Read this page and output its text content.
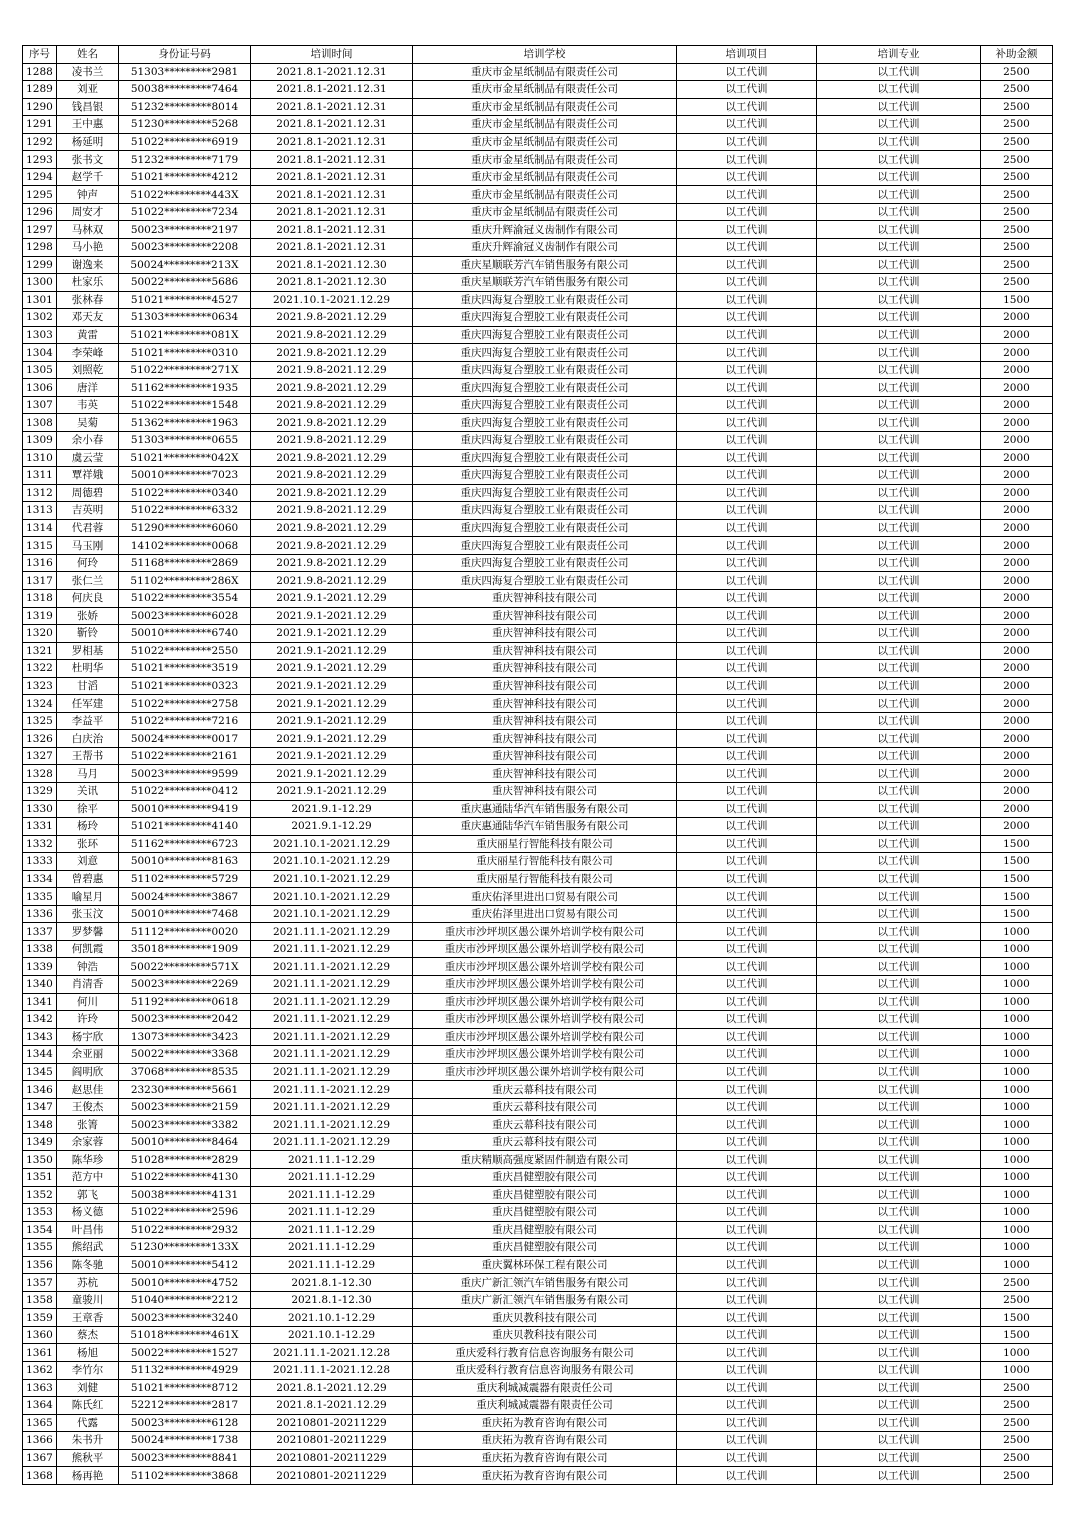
序号	姓名	身份证号码	培训时间	培训学校	培训项目	培训专业	补助金额
1288	凌书兰	51303*********2981	2021.8.1-2021.12.31	重庆市金星纸制品有限责任公司	以工代训	以工代训	2500
1289	刘亚	50038*********7464	2021.8.1-2021.12.31	重庆市金星纸制品有限责任公司	以工代训	以工代训	2500
1290	钱昌银	51232*********8014	2021.8.1-2021.12.31	重庆市金星纸制品有限责任公司	以工代训	以工代训	2500
1291	王中惠	51230*********5268	2021.8.1-2021.12.31	重庆市金星纸制品有限责任公司	以工代训	以工代训	2500
1292	杨延明	51022*********6919	2021.8.1-2021.12.31	重庆市金星纸制品有限责任公司	以工代训	以工代训	2500
1293	张书文	51232*********7179	2021.8.1-2021.12.31	重庆市金星纸制品有限责任公司	以工代训	以工代训	2500
1294	赵学千	51021*********4212	2021.8.1-2021.12.31	重庆市金星纸制品有限责任公司	以工代训	以工代训	2500
1295	钟声	51022*********443X	2021.8.1-2021.12.31	重庆市金星纸制品有限责任公司	以工代训	以工代训	2500
1296	周安才	51022*********7234	2021.8.1-2021.12.31	重庆市金星纸制品有限责任公司	以工代训	以工代训	2500
1297	马林双	50023*********2197	2021.8.1-2021.12.31	重庆升辉渝冠义齿制作有限公司	以工代训	以工代训	2500
1298	马小艳	50023*********2208	2021.8.1-2021.12.31	重庆升辉渝冠义齿制作有限公司	以工代训	以工代训	2500
1299	谢逸来	50024*********213X	2021.8.1-2021.12.30	重庆星顺联芳汽车销售服务有限公司	以工代训	以工代训	2500
1300	杜家乐	50022*********5686	2021.8.1-2021.12.30	重庆星顺联芳汽车销售服务有限公司	以工代训	以工代训	2500
1301	张林春	51021*********4527	2021.10.1-2021.12.29	重庆四海复合塑胶工业有限责任公司	以工代训	以工代训	1500
1302	邓天友	51303*********0634	2021.9.8-2021.12.29	重庆四海复合塑胶工业有限责任公司	以工代训	以工代训	2000
1303	黄雷	51021*********081X	2021.9.8-2021.12.29	重庆四海复合塑胶工业有限责任公司	以工代训	以工代训	2000
1304	李荣峰	51021*********0310	2021.9.8-2021.12.29	重庆四海复合塑胶工业有限责任公司	以工代训	以工代训	2000
1305	刘照乾	51022*********271X	2021.9.8-2021.12.29	重庆四海复合塑胶工业有限责任公司	以工代训	以工代训	2000
1306	唐洋	51162*********1935	2021.9.8-2021.12.29	重庆四海复合塑胶工业有限责任公司	以工代训	以工代训	2000
1307	韦英	51022*********1548	2021.9.8-2021.12.29	重庆四海复合塑胶工业有限责任公司	以工代训	以工代训	2000
1308	吴菊	51362*********1963	2021.9.8-2021.12.29	重庆四海复合塑胶工业有限责任公司	以工代训	以工代训	2000
1309	余小春	51303*********0655	2021.9.8-2021.12.29	重庆四海复合塑胶工业有限责任公司	以工代训	以工代训	2000
1310	虞云莹	51021*********042X	2021.9.8-2021.12.29	重庆四海复合塑胶工业有限责任公司	以工代训	以工代训	2000
1311	覃祥娥	50010*********7023	2021.9.8-2021.12.29	重庆四海复合塑胶工业有限责任公司	以工代训	以工代训	2000
1312	周德碧	51022*********0340	2021.9.8-2021.12.29	重庆四海复合塑胶工业有限责任公司	以工代训	以工代训	2000
1313	吉英明	51022*********6332	2021.9.8-2021.12.29	重庆四海复合塑胶工业有限责任公司	以工代训	以工代训	2000
1314	代君蓉	51290*********6060	2021.9.8-2021.12.29	重庆四海复合塑胶工业有限责任公司	以工代训	以工代训	2000
1315	马玉刚	14102*********0068	2021.9.8-2021.12.29	重庆四海复合塑胶工业有限责任公司	以工代训	以工代训	2000
1316	何玲	51168*********2869	2021.9.8-2021.12.29	重庆四海复合塑胶工业有限责任公司	以工代训	以工代训	2000
1317	张仁兰	51102*********286X	2021.9.8-2021.12.29	重庆四海复合塑胶工业有限责任公司	以工代训	以工代训	2000
1318	何庆良	51022*********3554	2021.9.1-2021.12.29	重庆智神科技有限公司	以工代训	以工代训	2000
1319	张娇	50023*********6028	2021.9.1-2021.12.29	重庆智神科技有限公司	以工代训	以工代训	2000
1320	靳铃	50010*********6740	2021.9.1-2021.12.29	重庆智神科技有限公司	以工代训	以工代训	2000
1321	罗相基	51022*********2550	2021.9.1-2021.12.29	重庆智神科技有限公司	以工代训	以工代训	2000
1322	杜明华	51021*********3519	2021.9.1-2021.12.29	重庆智神科技有限公司	以工代训	以工代训	2000
1323	甘滔	51021*********0323	2021.9.1-2021.12.29	重庆智神科技有限公司	以工代训	以工代训	2000
1324	任军建	51022*********2758	2021.9.1-2021.12.29	重庆智神科技有限公司	以工代训	以工代训	2000
1325	李益平	51022*********7216	2021.9.1-2021.12.29	重庆智神科技有限公司	以工代训	以工代训	2000
1326	白庆治	50024*********0017	2021.9.1-2021.12.29	重庆智神科技有限公司	以工代训	以工代训	2000
1327	王帮书	51022*********2161	2021.9.1-2021.12.29	重庆智神科技有限公司	以工代训	以工代训	2000
1328	马月	50023*********9599	2021.9.1-2021.12.29	重庆智神科技有限公司	以工代训	以工代训	2000
1329	关讯	51022*********0412	2021.9.1-2021.12.29	重庆智神科技有限公司	以工代训	以工代训	2000
1330	徐平	50010*********9419	2021.9.1-12.29	重庆惠通陆华汽车销售服务有限公司	以工代训	以工代训	2000
1331	杨玲	51021*********4140	2021.9.1-12.29	重庆惠通陆华汽车销售服务有限公司	以工代训	以工代训	2000
1332	张环	51162*********6723	2021.10.1-2021.12.29	重庆丽星行智能科技有限公司	以工代训	以工代训	1500
1333	刘意	50010*********8163	2021.10.1-2021.12.29	重庆丽星行智能科技有限公司	以工代训	以工代训	1500
1334	曾碧惠	51102*********5729	2021.10.1-2021.12.29	重庆丽星行智能科技有限公司	以工代训	以工代训	1500
1335	喻星月	50024*********3867	2021.10.1-2021.12.29	重庆佑泽里进出口贸易有限公司	以工代训	以工代训	1500
1336	张玉汶	50010*********7468	2021.10.1-2021.12.29	重庆佑泽里进出口贸易有限公司	以工代训	以工代训	1500
1337	罗梦馨	51112*********0020	2021.11.1-2021.12.29	重庆市沙坪坝区愚公课外培训学校有限公司	以工代训	以工代训	1000
1338	何凯霞	35018*********1909	2021.11.1-2021.12.29	重庆市沙坪坝区愚公课外培训学校有限公司	以工代训	以工代训	1000
1339	钟浩	50022*********571X	2021.11.1-2021.12.29	重庆市沙坪坝区愚公课外培训学校有限公司	以工代训	以工代训	1000
1340	肖清香	50023*********2269	2021.11.1-2021.12.29	重庆市沙坪坝区愚公课外培训学校有限公司	以工代训	以工代训	1000
1341	何川	51192*********0618	2021.11.1-2021.12.29	重庆市沙坪坝区愚公课外培训学校有限公司	以工代训	以工代训	1000
1342	许玲	50023*********2042	2021.11.1-2021.12.29	重庆市沙坪坝区愚公课外培训学校有限公司	以工代训	以工代训	1000
1343	杨宇欣	13073*********3423	2021.11.1-2021.12.29	重庆市沙坪坝区愚公课外培训学校有限公司	以工代训	以工代训	1000
1344	余亚丽	50022*********3368	2021.11.1-2021.12.29	重庆市沙坪坝区愚公课外培训学校有限公司	以工代训	以工代训	1000
1345	阎明欣	37068*********8535	2021.11.1-2021.12.29	重庆市沙坪坝区愚公课外培训学校有限公司	以工代训	以工代训	1000
1346	赵思佳	23230*********5661	2021.11.1-2021.12.29	重庆云幕科技有限公司	以工代训	以工代训	1000
1347	王俊杰	50023*********2159	2021.11.1-2021.12.29	重庆云幕科技有限公司	以工代训	以工代训	1000
1348	张箐	50023*********3382	2021.11.1-2021.12.29	重庆云幕科技有限公司	以工代训	以工代训	1000
1349	余家蓉	50010*********8464	2021.11.1-2021.12.29	重庆云幕科技有限公司	以工代训	以工代训	1000
1350	陈华珍	51028*********2829	2021.11.1-12.29	重庆精顺高强度紧固件制造有限公司	以工代训	以工代训	1000
1351	范方中	51022*********4130	2021.11.1-12.29	重庆昌健塑胶有限公司	以工代训	以工代训	1000
1352	郭飞	50038*********4131	2021.11.1-12.29	重庆昌健塑胶有限公司	以工代训	以工代训	1000
1353	杨义德	51022*********2596	2021.11.1-12.29	重庆昌健塑胶有限公司	以工代训	以工代训	1000
1354	叶昌伟	51022*********2932	2021.11.1-12.29	重庆昌健塑胶有限公司	以工代训	以工代训	1000
1355	熊绍武	51230*********133X	2021.11.1-12.29	重庆昌健塑胶有限公司	以工代训	以工代训	1000
1356	陈冬驰	50010*********5412	2021.11.1-12.29	重庆翼林环保工程有限公司	以工代训	以工代训	1000
1357	苏杭	50010*********4752	2021.8.1-12.30	重庆广新汇领汽车销售服务有限公司	以工代训	以工代训	2500
1358	童骏川	51040*********2212	2021.8.1-12.30	重庆广新汇领汽车销售服务有限公司	以工代训	以工代训	2500
1359	王章香	50023*********3240	2021.10.1-12.29	重庆贝教科技有限公司	以工代训	以工代训	1500
1360	蔡杰	51018*********461X	2021.10.1-12.29	重庆贝教科技有限公司	以工代训	以工代训	1500
1361	杨旭	50022*********1527	2021.11.1-2021.12.28	重庆爱科行教育信息咨询服务有限公司	以工代训	以工代训	1000
1362	李竹尔	51132*********4929	2021.11.1-2021.12.28	重庆爱科行教育信息咨询服务有限公司	以工代训	以工代训	1000
1363	刘健	51021*********8712	2021.8.1-2021.12.29	重庆利城减震器有限责任公司	以工代训	以工代训	2500
1364	陈氏红	52212*********2817	2021.8.1-2021.12.29	重庆利城减震器有限责任公司	以工代训	以工代训	2500
1365	代露	50023*********6128	20210801-20211229	重庆拓为教育咨询有限公司	以工代训	以工代训	2500
1366	朱书升	50024*********1738	20210801-20211229	重庆拓为教育咨询有限公司	以工代训	以工代训	2500
1367	熊秋平	50023*********8841	20210801-20211229	重庆拓为教育咨询有限公司	以工代训	以工代训	2500
1368	杨再艳	51102*********3868	20210801-20211229	重庆拓为教育咨询有限公司	以工代训	以工代训	2500
